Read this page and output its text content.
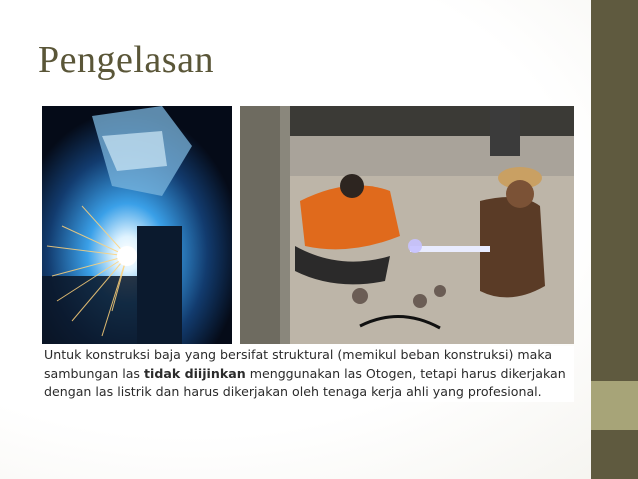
Pengelasan
Untuk konstruksi baja yang bersifat struktural (memikul beban konstruksi) maka sambungan las tidak diijinkan menggunakan las Otogen, tetapi harus dikerjakan dengan las listrik dan harus dikerjakan oleh tenaga kerja ahli yang profesional.
